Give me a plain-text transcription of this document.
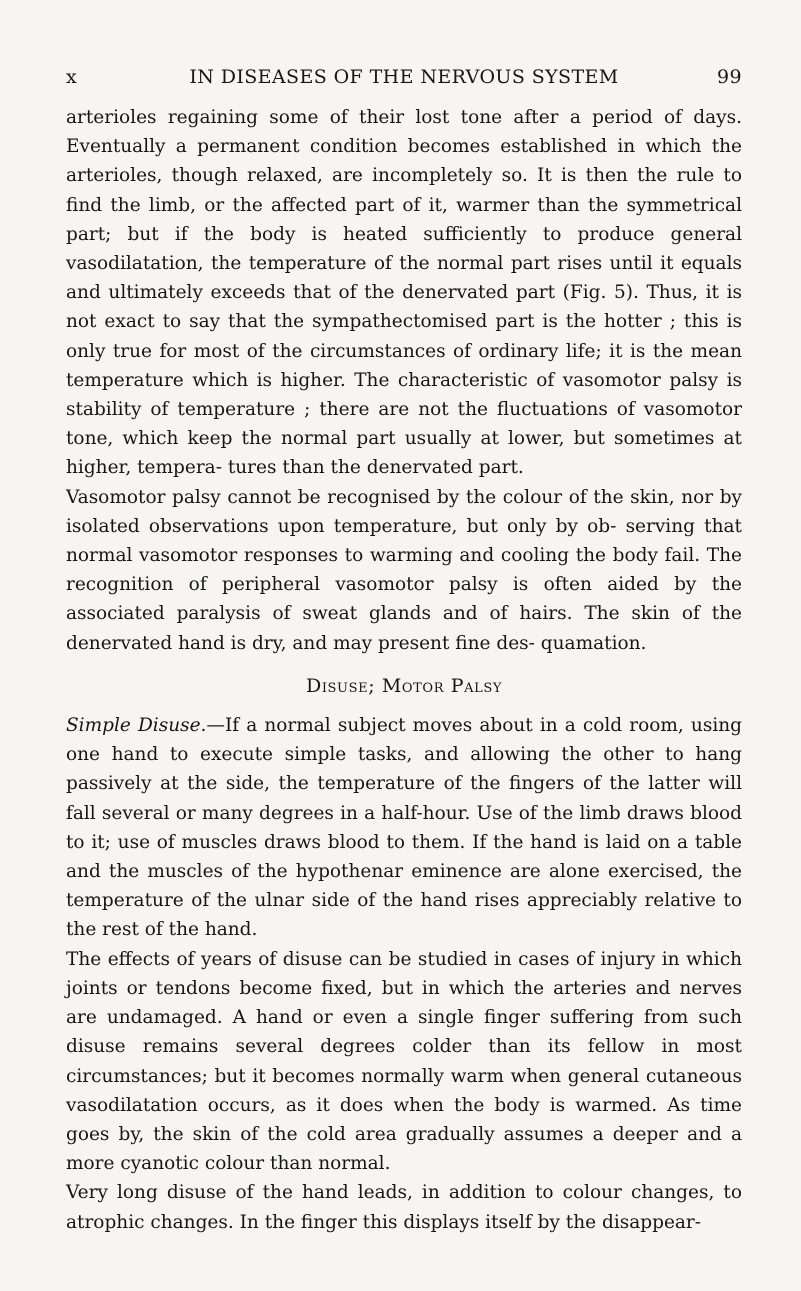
x	IN DISEASES OF THE NERVOUS SYSTEM	99

arterioles regaining some of their lost tone after a period of days. Eventually a permanent condition becomes established in which the arterioles, though relaxed, are incompletely so. It is then the rule to find the limb, or the affected part of it, warmer than the symmetrical part; but if the body is heated sufficiently to produce general vasodilatation, the temperature of the normal part rises until it equals and ultimately exceeds that of the denervated part (Fig. 5). Thus, it is not exact to say that the sympathectomised part is the hotter ; this is only true for most of the circumstances of ordinary life; it is the mean temperature which is higher. The characteristic of vasomotor palsy is stability of temperature ; there are not the fluctuations of vasomotor tone, which keep the normal part usually at lower, but sometimes at higher, tempera- tures than the denervated part.

Vasomotor palsy cannot be recognised by the colour of the skin, nor by isolated observations upon temperature, but only by ob- serving that normal vasomotor responses to warming and cooling the body fail. The recognition of peripheral vasomotor palsy is often aided by the associated paralysis of sweat glands and of hairs. The skin of the denervated hand is dry, and may present fine des- quamation.

Disuse; Motor Palsy

Simple Disuse.—If a normal subject moves about in a cold room, using one hand to execute simple tasks, and allowing the other to hang passively at the side, the temperature of the fingers of the latter will fall several or many degrees in a half-hour. Use of the limb draws blood to it; use of muscles draws blood to them. If the hand is laid on a table and the muscles of the hypothenar eminence are alone exercised, the temperature of the ulnar side of the hand rises appreciably relative to the rest of the hand.

The effects of years of disuse can be studied in cases of injury in which joints or tendons become fixed, but in which the arteries and nerves are undamaged. A hand or even a single finger suffering from such disuse remains several degrees colder than its fellow in most circumstances; but it becomes normally warm when general cutaneous vasodilatation occurs, as it does when the body is warmed. As time goes by, the skin of the cold area gradually assumes a deeper and a more cyanotic colour than normal.

Very long disuse of the hand leads, in addition to colour changes, to atrophic changes. In the finger this displays itself by the disappear-
